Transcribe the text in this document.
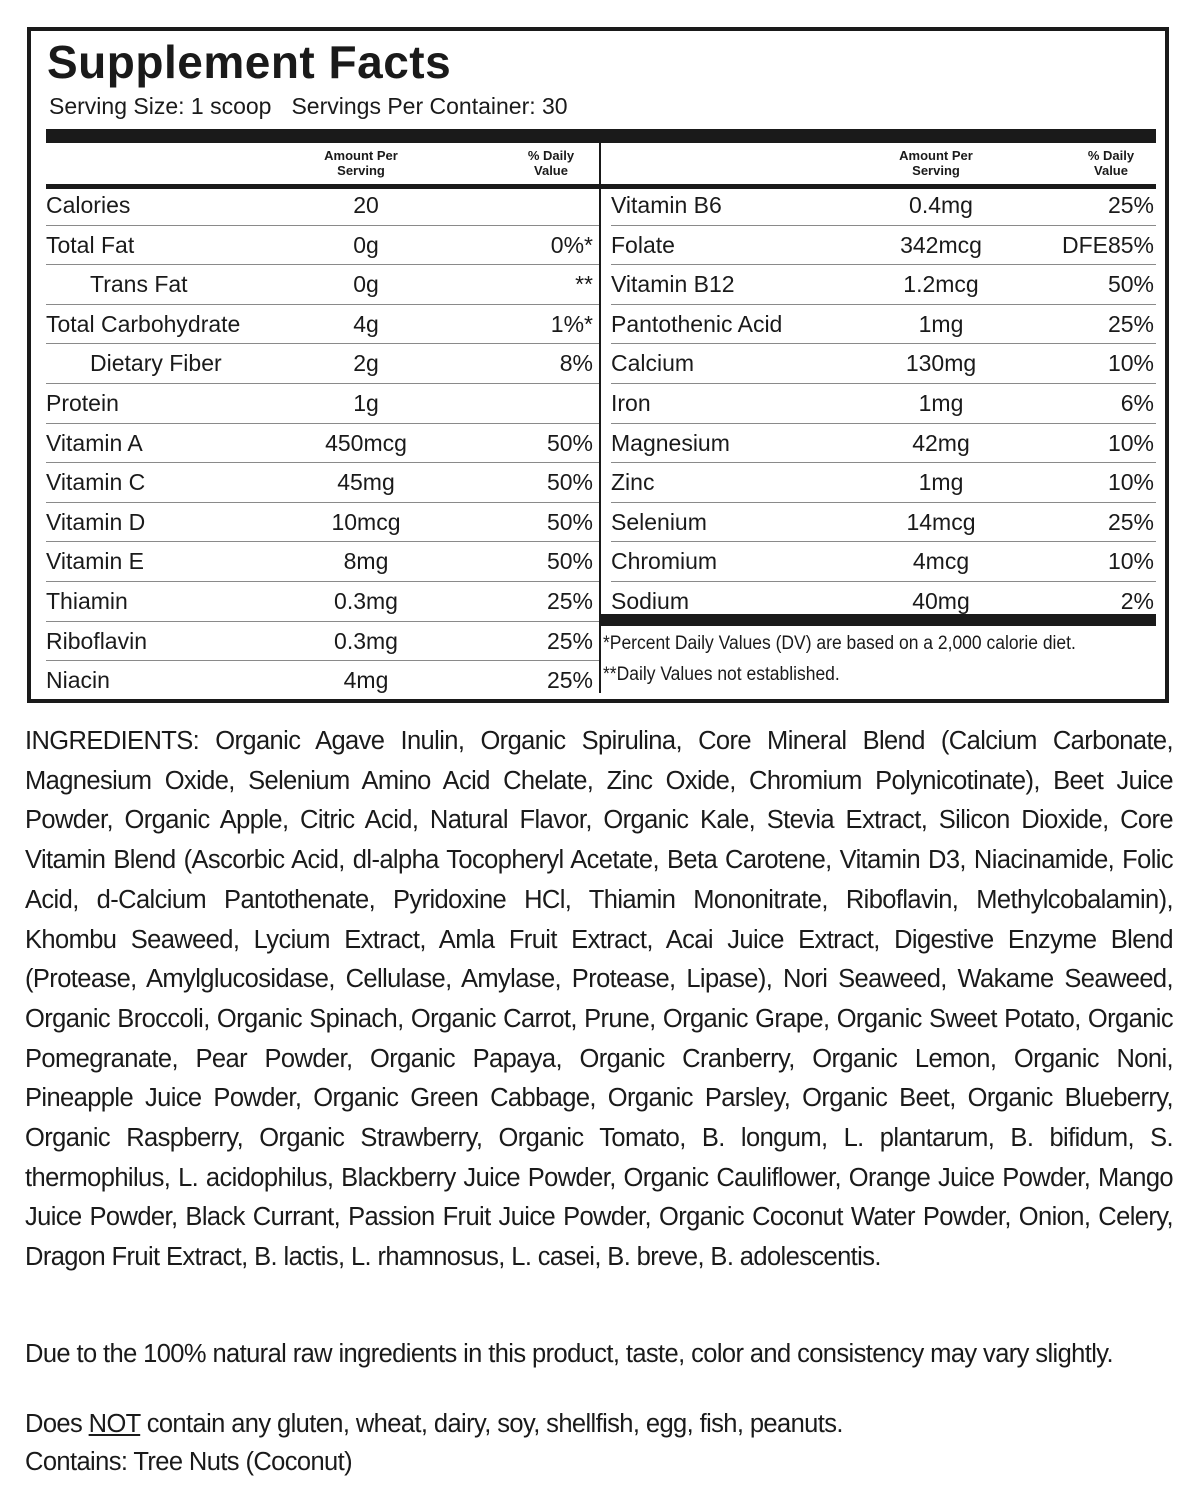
Supplement Facts
Serving Size: 1 scoop Servings Per Container: 30
Amount Per
Serving
% Daily
Value
Amount Per
Serving
% Daily
Value
Calories	20
Total Fat	0g	0%*
Trans Fat	0g	**
Total Carbohydrate	4g	1%*
Dietary Fiber	2g	8%
Protein	1g
Vitamin A	450mcg	50%
Vitamin C	45mg	50%
Vitamin D	10mcg	50%
Vitamin E	8mg	50%
Thiamin	0.3mg	25%
Riboflavin	0.3mg	25%
Niacin	4mg	25%
Vitamin B6	0.4mg	25%
Folate	342mcg	DFE85%
Vitamin B12	1.2mcg	50%
Pantothenic Acid	1mg	25%
Calcium	130mg	10%
Iron	1mg	6%
Magnesium	42mg	10%
Zinc	1mg	10%
Selenium	14mcg	25%
Chromium	4mcg	10%
Sodium	40mg	2%
*Percent Daily Values (DV) are based on a 2,000 calorie diet.
**Daily Values not established.
INGREDIENTS: Organic Agave Inulin, Organic Spirulina, Core Mineral Blend (Calcium Carbonate, Magnesium Oxide, Selenium Amino Acid Chelate, Zinc Oxide, Chromium Polynicotinate), Beet Juice Powder, Organic Apple, Citric Acid, Natural Flavor, Organic Kale, Stevia Extract, Silicon Dioxide, Core Vitamin Blend (Ascorbic Acid, dl-alpha Tocopheryl Acetate, Beta Carotene, Vitamin D3, Niacinamide, Folic Acid, d-Calcium Pantothenate, Pyridoxine HCl, Thiamin Mononitrate, Riboflavin, Methylcobalamin), Khombu Seaweed, Lycium Extract, Amla Fruit Extract, Acai Juice Extract, Digestive Enzyme Blend (Protease, Amylglucosidase, Cellulase, Amylase, Protease, Lipase), Nori Seaweed, Wakame Seaweed, Organic Broccoli, Organic Spinach, Organic Carrot, Prune, Organic Grape, Organic Sweet Potato, Organic Pomegranate, Pear Powder, Organic Papaya, Organic Cranberry, Organic Lemon, Organic Noni, Pineapple Juice Powder, Organic Green Cabbage, Organic Parsley, Organic Beet, Organic Blueberry, Organic Raspberry, Organic Strawberry, Organic Tomato, B. longum, L. plantarum, B. bifidum, S. thermophilus, L. acidophilus, Blackberry Juice Powder, Organic Cauliflower, Orange Juice Powder, Mango Juice Powder, Black Currant, Passion Fruit Juice Powder, Organic Coconut Water Powder, Onion, Celery, Dragon Fruit Extract, B. lactis, L. rhamnosus, L. casei, B. breve, B. adolescentis.
Due to the 100% natural raw ingredients in this product, taste, color and consistency may vary slightly.
Does NOT contain any gluten, wheat, dairy, soy, shellfish, egg, fish, peanuts.
Contains: Tree Nuts (Coconut)
